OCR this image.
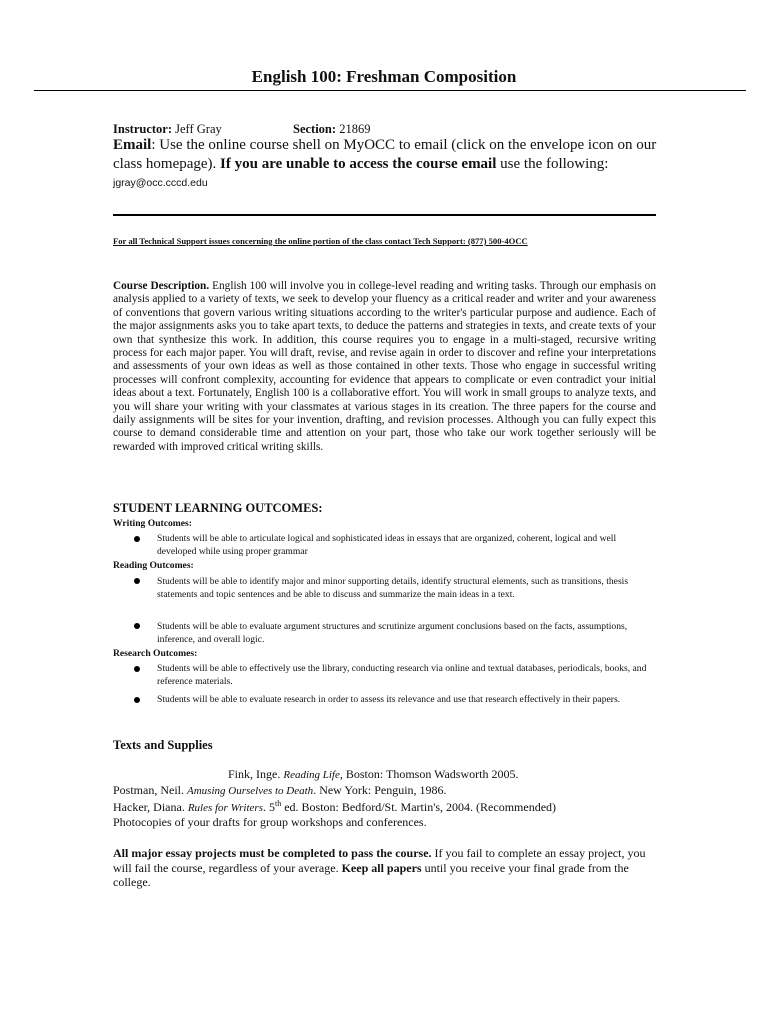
English 100: Freshman Composition
Instructor: Jeff Gray	Section: 21869
Email: Use the online course shell on MyOCC to email (click on the envelope icon on our class homepage). If you are unable to access the course email use the following:
jgray@occ.cccd.edu
For all Technical Support issues concerning the online portion of the class contact Tech Support: (877) 500-4OCC

Course Description. English 100 will involve you in college-level reading and writing tasks. Through our emphasis on analysis applied to a variety of texts, we seek to develop your fluency as a critical reader and writer and your awareness of conventions that govern various writing situations according to the writer's particular purpose and audience. Each of the major assignments asks you to take apart texts, to deduce the patterns and strategies in texts, and create texts of your own that synthesize this work. In addition, this course requires you to engage in a multi-staged, recursive writing process for each major paper. You will draft, revise, and revise again in order to discover and refine your interpretations and assessments of your own ideas as well as those contained in other texts. Those who engage in successful writing processes will confront complexity, accounting for evidence that appears to complicate or even contradict your initial ideas about a text. Fortunately, English 100 is a collaborative effort. You will work in small groups to analyze texts, and you will share your writing with your classmates at various stages in its creation. The three papers for the course and daily assignments will be sites for your invention, drafting, and revision processes. Although you can fully expect this course to demand considerable time and attention on your part, those who take our work together seriously will be rewarded with improved critical writing skills.

STUDENT LEARNING OUTCOMES:
Writing Outcomes:
Students will be able to articulate logical and sophisticated ideas in essays that are organized, coherent, logical and well developed while using proper grammar
Reading Outcomes:
Students will be able to identify major and minor supporting details, identify structural elements, such as transitions, thesis statements and topic sentences and be able to discuss and summarize the main ideas in a text.
Students will be able to evaluate argument structures and scrutinize argument conclusions based on the facts, assumptions, inference, and overall logic.
Research Outcomes:
Students will be able to effectively use the library, conducting research via online and textual databases, periodicals, books, and reference materials.
Students will be able to evaluate research in order to assess its relevance and use that research effectively in their papers.
Texts and Supplies
Fink, Inge. Reading Life, Boston: Thomson Wadsworth 2005.
Postman, Neil. Amusing Ourselves to Death. New York: Penguin, 1986.
Hacker, Diana. Rules for Writers. 5th ed. Boston: Bedford/St. Martin's, 2004. (Recommended)
Photocopies of your drafts for group workshops and conferences.

All major essay projects must be completed to pass the course. If you fail to complete an essay project, you will fail the course, regardless of your average. Keep all papers until you receive your final grade from the college.
